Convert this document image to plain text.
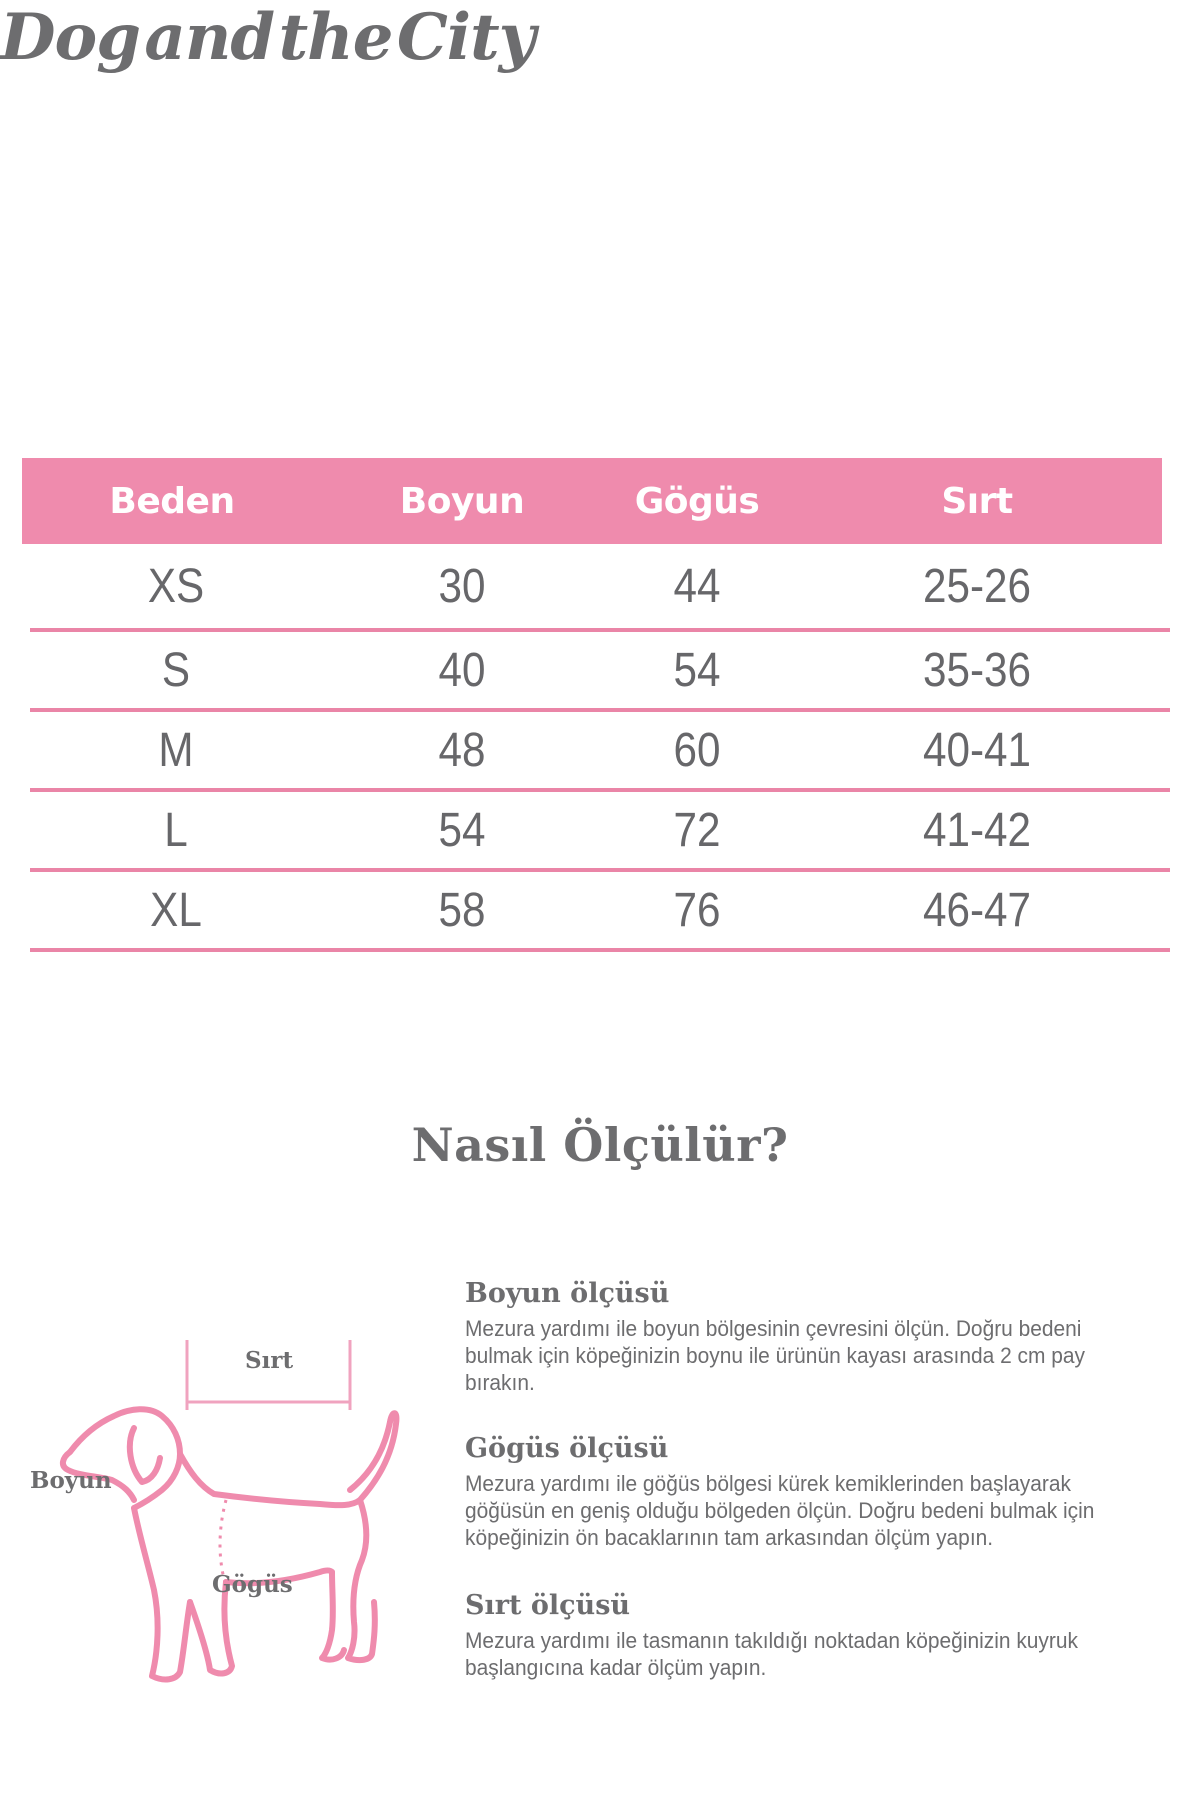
Dog and the City
Beden	Boyun	Gögüs	Sırt
XS	30	44	25-26
S	40	54	35-36
M	48	60	40-41
L	54	72	41-42
XL	58	76	46-47
Nasıl Ölçülür?
Sırt
Boyun
Gögüs
Boyun ölçüsü

Mezura yardımı ile boyun bölgesinin çevresini ölçün. Doğru bedeni bulmak için köpeğinizin boynu ile ürünün kayası arasında 2 cm pay bırakın.

Gögüs ölçüsü

Mezura yardımı ile göğüs bölgesi kürek kemiklerinden başlayarak göğüsün en geniş olduğu bölgeden ölçün. Doğru bedeni bulmak için köpeğinizin ön bacaklarının tam arkasından ölçüm yapın.

Sırt ölçüsü

Mezura yardımı ile tasmanın takıldığı noktadan köpeğinizin kuyruk başlangıcına kadar ölçüm yapın.
